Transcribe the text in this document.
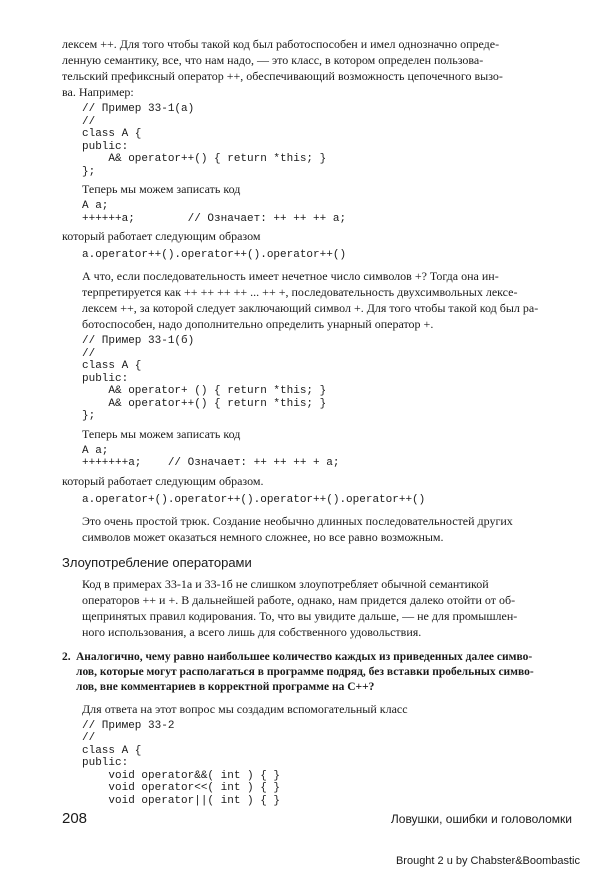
лексем ++. Для того чтобы такой код был работоспособен и имел однозначно опреде-
ленную семантику, все, что нам надо, — это класс, в котором определен пользова-
тельский префиксный оператор ++, обеспечивающий возможность цепочечного вызо-
ва. Например:
// Пример 33-1(а)
//
class A {
public:
A& operator++() { return *this; }
};

Теперь мы можем записать код

A a;
++++++a;        // Означает: ++ ++ ++ a;

который работает следующим образом

a.operator++().operator++().operator++()
А что, если последовательность имеет нечетное число символов +? Тогда она ин-
терпретируется как ++ ++ ++ ++ ... ++ +, последовательность двухсимвольных лексе-
лексем ++, за которой следует заключающий символ +. Для того чтобы такой код был ра-
ботоспособен, надо дополнительно определить унарный оператор +.
// Пример 33-1(б)
//
class A {
public:
A& operator+ () { return *this; }
A& operator++() { return *this; }
};

Теперь мы можем записать код

A a;
+++++++a;    // Означает: ++ ++ ++ + a;

который работает следующим образом.

a.operator+().operator++().operator++().operator++()
Это очень простой трюк. Создание необычно длинных последовательностей других
символов может оказаться немного сложнее, но все равно возможным.
Злоупотребление операторами
Код в примерах 33-1а и 33-1б не слишком злоупотребляет обычной семантикой
операторов ++ и +. В дальнейшей работе, однако, нам придется далеко отойти от об-
щепринятых правил кодирования. То, что вы увидите дальше, — не для промышлен-
ного использования, а всего лишь для собственного удовольствия.
2. Аналогично, чему равно наибольшее количество каждых из приведенных далее симво-
лов, которые могут располагаться в программе подряд, без вставки пробельных симво-
лов, вне комментариев в корректной программе на C++?

Для ответа на этот вопрос мы создадим вспомогательный класс

// Пример 33-2
//
class A {
public:
void operator&&( int ) { }
void operator<<( int ) { }
void operator||( int ) { }
208	Ловушки, ошибки и головоломки
Brought 2 u by Chabster&Boombastic
